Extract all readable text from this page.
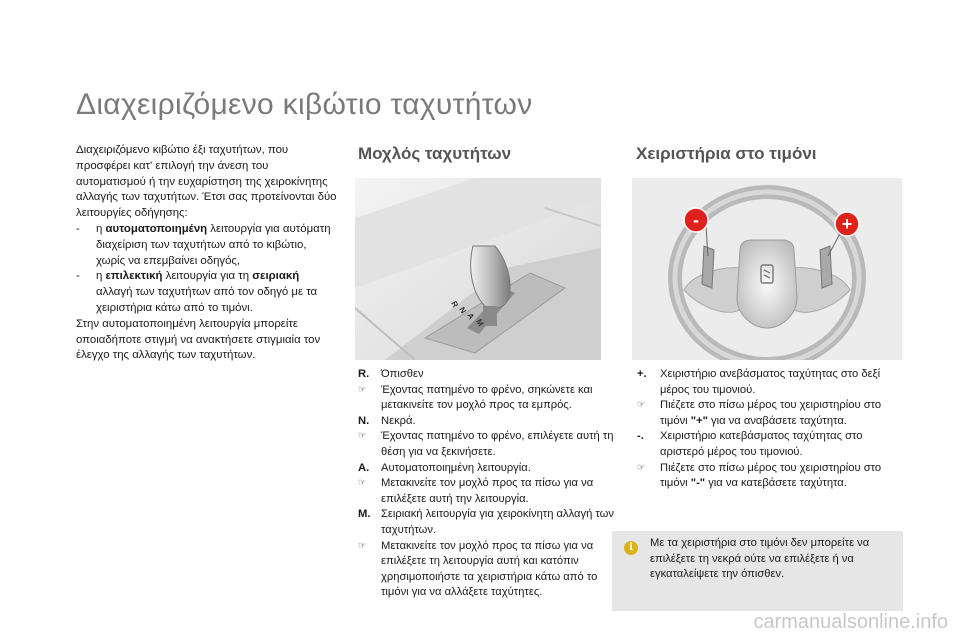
Διαχειριζόμενο κιβώτιο ταχυτήτων

Διαχειριζόμενο κιβώτιο έξι ταχυτήτων, που προσφέρει κατ' επιλογή την άνεση του αυτοματισμού ή την ευχαρίστηση της χειροκίνητης αλλαγής των ταχυτήτων. Έτσι σας προτείνονται δύο λειτουργίες οδήγησης:

-	η αυτοματοποιημένη λειτουργία για αυτόματη διαχείριση των ταχυτήτων από το κιβώτιο, χωρίς να επεμβαίνει οδηγός,
-	η επιλεκτική λειτουργία για τη σειριακή αλλαγή των ταχυτήτων από τον οδηγό με τα χειριστήρια κάτω από το τιμόνι.

Στην αυτοματοποιημένη λειτουργία μπορείτε οποιαδήποτε στιγμή να ανακτήσετε στιγμιαία τον έλεγχο της αλλαγής των ταχυτήτων.

Μοχλός ταχυτήτων	Χειριστήρια στο τιμόνι
R
N
A
M
-	+
R.	Όπισθεν
☞	Έχοντας πατημένο το φρένο, σηκώνετε και μετακινείτε τον μοχλό προς τα εμπρός.
N.	Νεκρά.
☞	Έχοντας πατημένο το φρένο, επιλέγετε αυτή τη θέση για να ξεκινήσετε.
A.	Αυτοματοποιημένη λειτουργία.
☞	Μετακινείτε τον μοχλό προς τα πίσω για να επιλέξετε αυτή την λειτουργία.
M. Σειριακή λειτουργία για χειροκίνητη αλλαγή των ταχυτήτων.
☞	Μετακινείτε τον μοχλό προς τα πίσω για να επιλέξετε τη λειτουργία αυτή και κατόπιν χρησιμοποιήστε τα χειριστήρια κάτω από το τιμόνι για να αλλάξετε ταχύτητες.
+.	Χειριστήριο ανεβάσματος ταχύτητας στο δεξί μέρος του τιμονιού.
☞	Πιέζετε στο πίσω μέρος του χειριστηρίου στο τιμόνι "+" για να αναβάσετε ταχύτητα.
-.	Χειριστήριο κατεβάσματος ταχύτητας στο αριστερό μέρος του τιμονιού.
☞	Πιέζετε στο πίσω μέρος του χειριστηρίου στο τιμόνι "-" για να κατεβάσετε ταχύτητα.
i	Με τα χειριστήρια στο τιμόνι δεν μπορείτε να επιλέξετε τη νεκρά ούτε να επιλέξετε ή να εγκαταλείψετε την όπισθεν.
carmanualsonline.info
